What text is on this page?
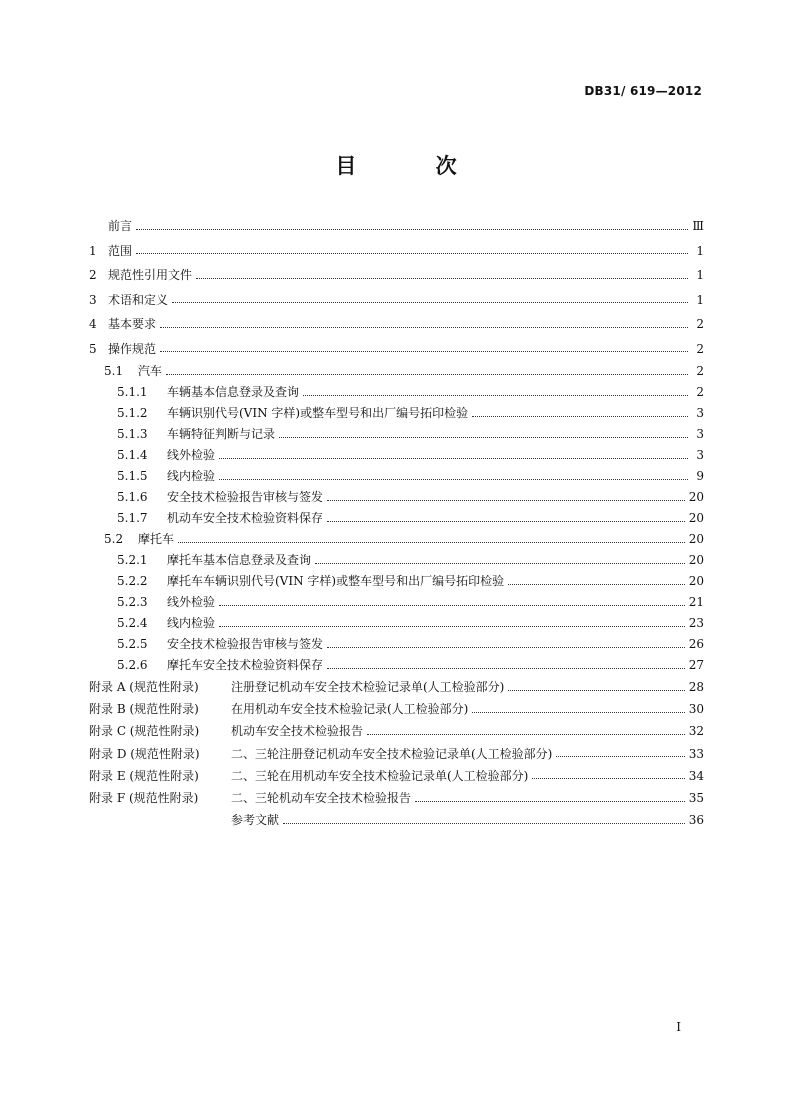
DB31/ 619—2012
目 次
前言	Ⅲ
1 范围	1
2 规范性引用文件	1
3 术语和定义	1
4 基本要求	2
5 操作规范	2
5.1	汽车	2
5.1.1	车辆基本信息登录及查询	2
5.1.2	车辆识别代号(VIN 字样)或整车型号和出厂编号拓印检验	3
5.1.3	车辆特征判断与记录	3
5.1.4	线外检验	3
5.1.5	线内检验	9
5.1.6	安全技术检验报告审核与签发	20
5.1.7	机动车安全技术检验资料保存	20
5.2	摩托车	20
5.2.1	摩托车基本信息登录及查询	20
5.2.2	摩托车车辆识别代号(VIN 字样)或整车型号和出厂编号拓印检验	20
5.2.3	线外检验	21
5.2.4	线内检验	23
5.2.5	安全技术检验报告审核与签发	26
5.2.6	摩托车安全技术检验资料保存	27
附录 A (规范性附录)	注册登记机动车安全技术检验记录单(人工检验部分)	28
附录 B (规范性附录)	在用机动车安全技术检验记录(人工检验部分)	30
附录 C (规范性附录)	机动车安全技术检验报告	32
附录 D (规范性附录)	二、三轮注册登记机动车安全技术检验记录单(人工检验部分)	33
附录 E (规范性附录)	二、三轮在用机动车安全技术检验记录单(人工检验部分)	34
附录 F (规范性附录)	二、三轮机动车安全技术检验报告	35
参考文献	36
I
